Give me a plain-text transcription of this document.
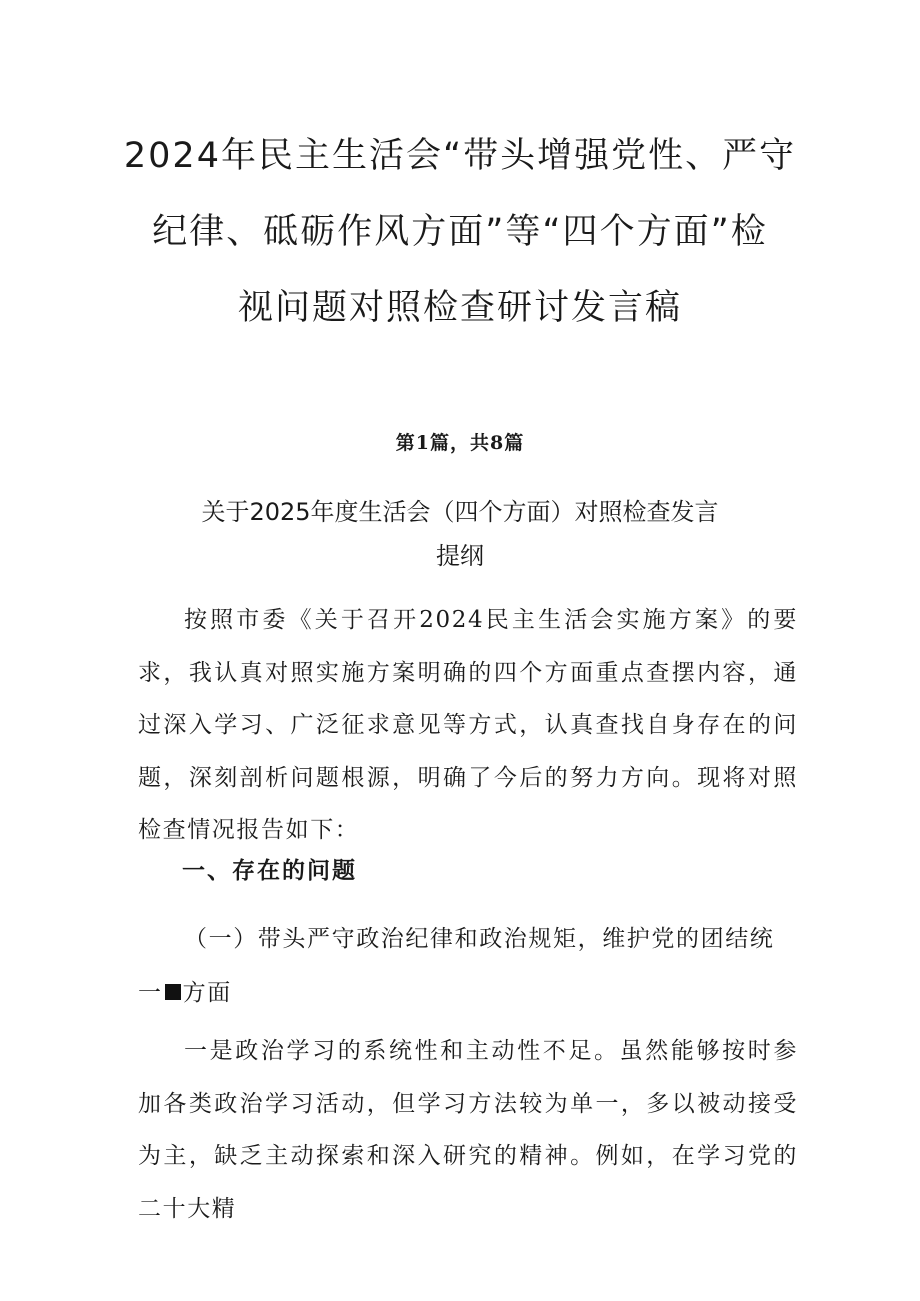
2024年民主生活会“带头增强党性、严守
纪律、砥砺作风方面”等“四个方面”检
视问题对照检查研讨发言稿
第1篇，共8篇
关于2025年度生活会（四个方面）对照检查发言
提纲

按照市委《关于召开2024民主生活会实施方案》的要求，我认真对照实施方案明确的四个方面重点查摆内容，通过深入学习、广泛征求意见等方式，认真查找自身存在的问题，深刻剖析问题根源，明确了今后的努力方向。现将对照检查情况报告如下：

一、存在的问题
（一）带头严守政治纪律和政治规矩，维护党的团结统
一 方面

一是政治学习的系统性和主动性不足。虽然能够按时参加各类政治学习活动，但学习方法较为单一，多以被动接受为主，缺乏主动探索和深入研究的精神。例如，在学习党的二十大精
